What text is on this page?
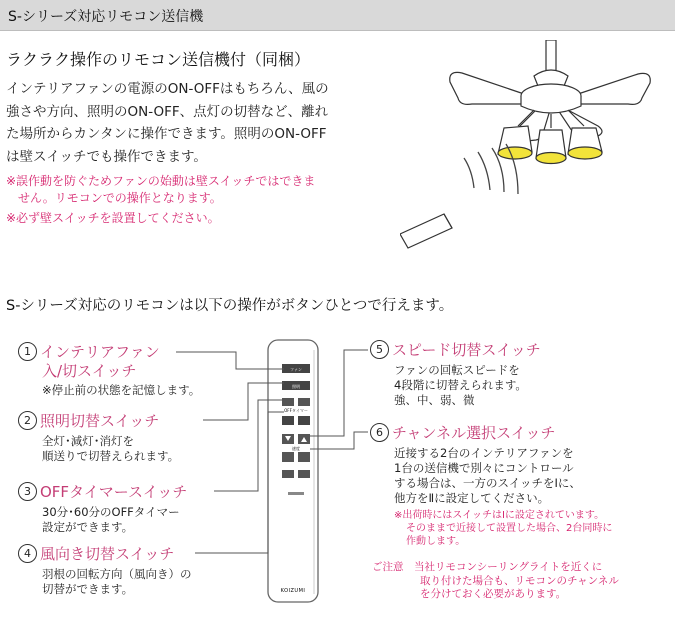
S-シリーズ対応リモコン送信機
ラクラク操作のリモコン送信機付（同梱）
インテリアファンの電源のON-OFFはもちろん、風の
強さや方向、照明のON-OFF、点灯の切替など、離れ
た場所からカンタンに操作できます。照明のON-OFF
は壁スイッチでも操作できます。
※誤作動を防ぐためファンの始動は壁スイッチではできま
せん。リモコンでの操作となります。
※必ず壁スイッチを設置してください。
S-シリーズ対応のリモコンは以下の操作がボタンひとつで行えます。
ファン
照明
OFFタイマー
速度
KOIZUMI
1 インテリアファン
入/切スイッチ
※停止前の状態を記憶します。
2 照明切替スイッチ
全灯･減灯･消灯を
順送りで切替えられます。
3 OFFタイマースイッチ
30分･60分のOFFタイマー
設定ができます。
4 風向き切替スイッチ
羽根の回転方向（風向き）の
切替ができます。
5 スピード切替スイッチ
ファンの回転スピードを
4段階に切替えられます。
強、中、弱、微
6 チャンネル選択スイッチ
近接する2台のインテリアファンを
1台の送信機で別々にコントロール
する場合は、一方のスイッチをⅠに、
他方をⅡに設定してください。
※出荷時にはスイッチはⅠに設定されています。
そのままで近接して設置した場合、2台同時に
作動します。
ご注意 当社リモコンシーリングライトを近くに
取り付けた場合も、リモコンのチャンネル
を分けておく必要があります。
